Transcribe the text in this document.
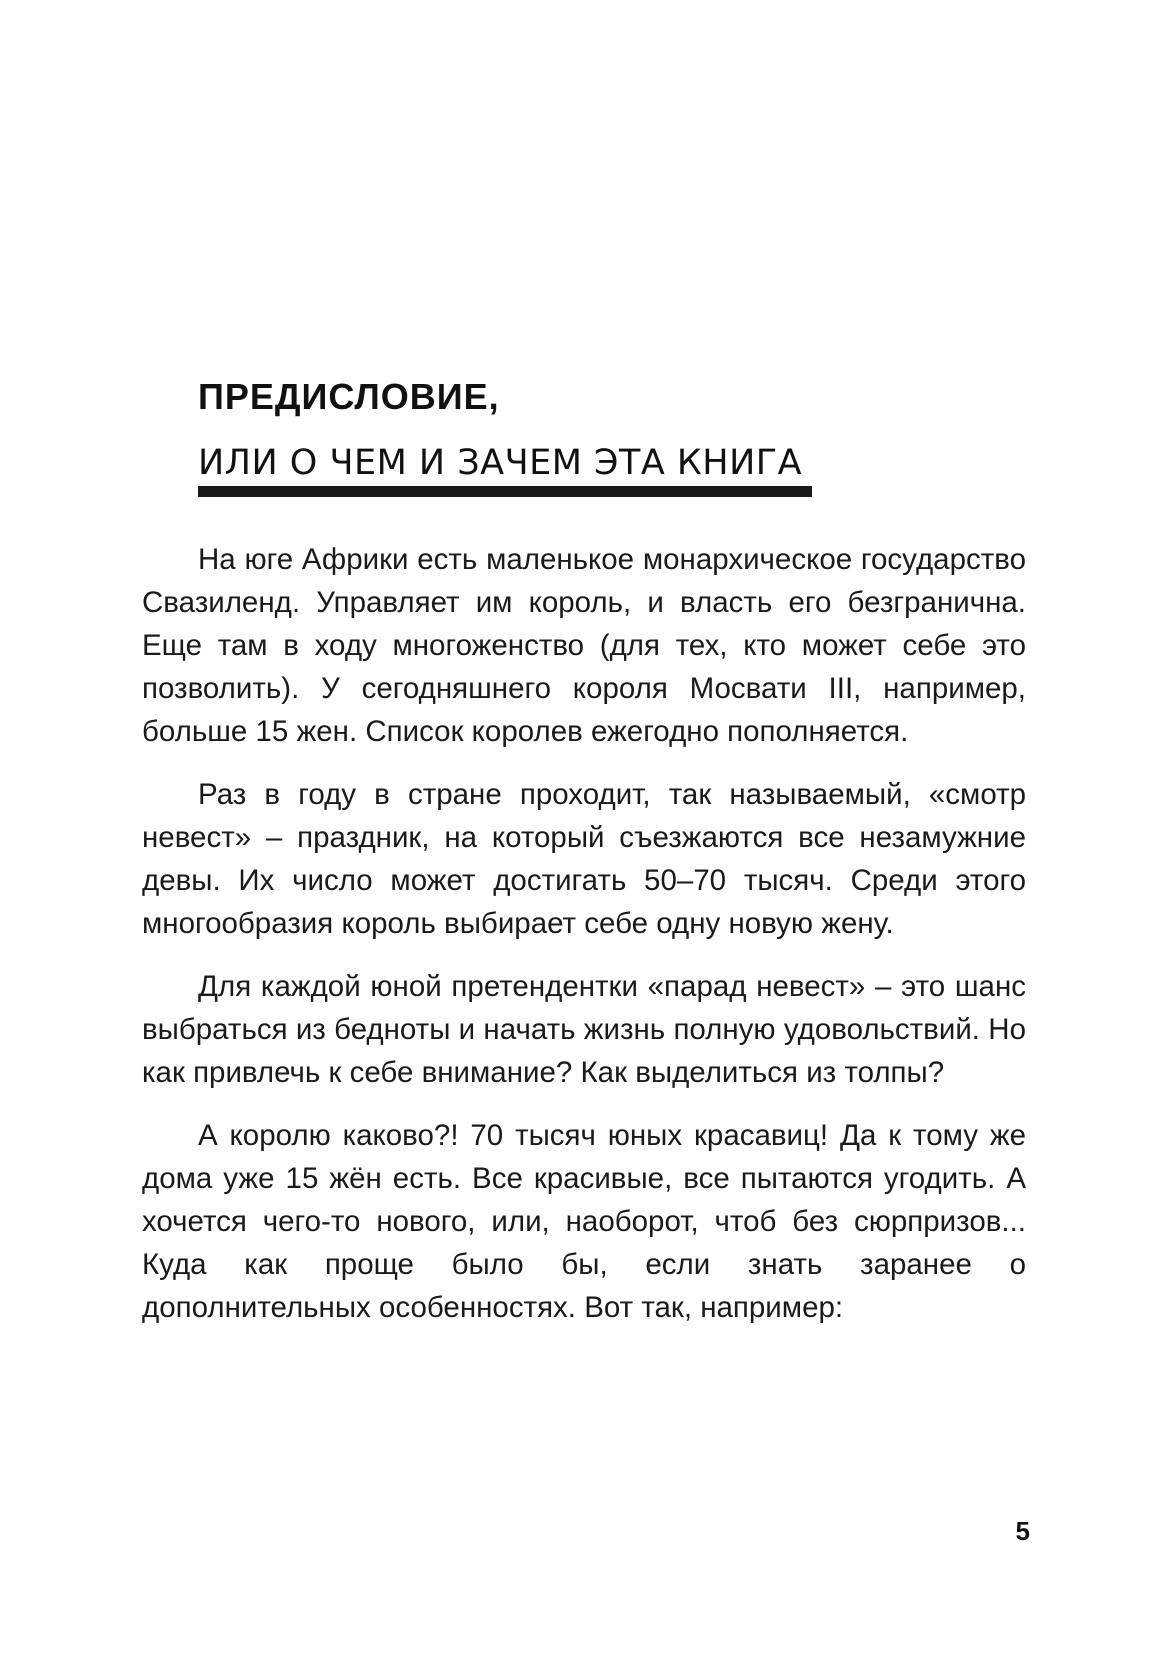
ПРЕДИСЛОВИЕ,
ИЛИ О ЧЕМ И ЗАЧЕМ ЭТА КНИГА

На юге Африки есть маленькое монархическое государство Свазиленд. Управляет им король, и власть его безгранична. Еще там в ходу многоженство (для тех, кто может себе это позволить). У сегодняшнего короля Мосвати III, например, больше 15 жен. Список королев ежегодно пополняется.

Раз в году в стране проходит, так называемый, «смотр невест» – праздник, на который съезжаются все незамужние девы. Их число может достигать 50–70 тысяч. Среди этого многообразия король выбирает себе одну новую жену.

Для каждой юной претендентки «парад невест» – это шанс выбраться из бедноты и начать жизнь полную удовольствий. Но как привлечь к себе внимание? Как выделиться из толпы?

А королю каково?! 70 тысяч юных красавиц! Да к тому же дома уже 15 жён есть. Все красивые, все пытаются угодить. А хочется чего-то нового, или, наоборот, чтоб без сюрпризов... Куда как проще было бы, если знать заранее о дополнительных особенностях. Вот так, например:

5
